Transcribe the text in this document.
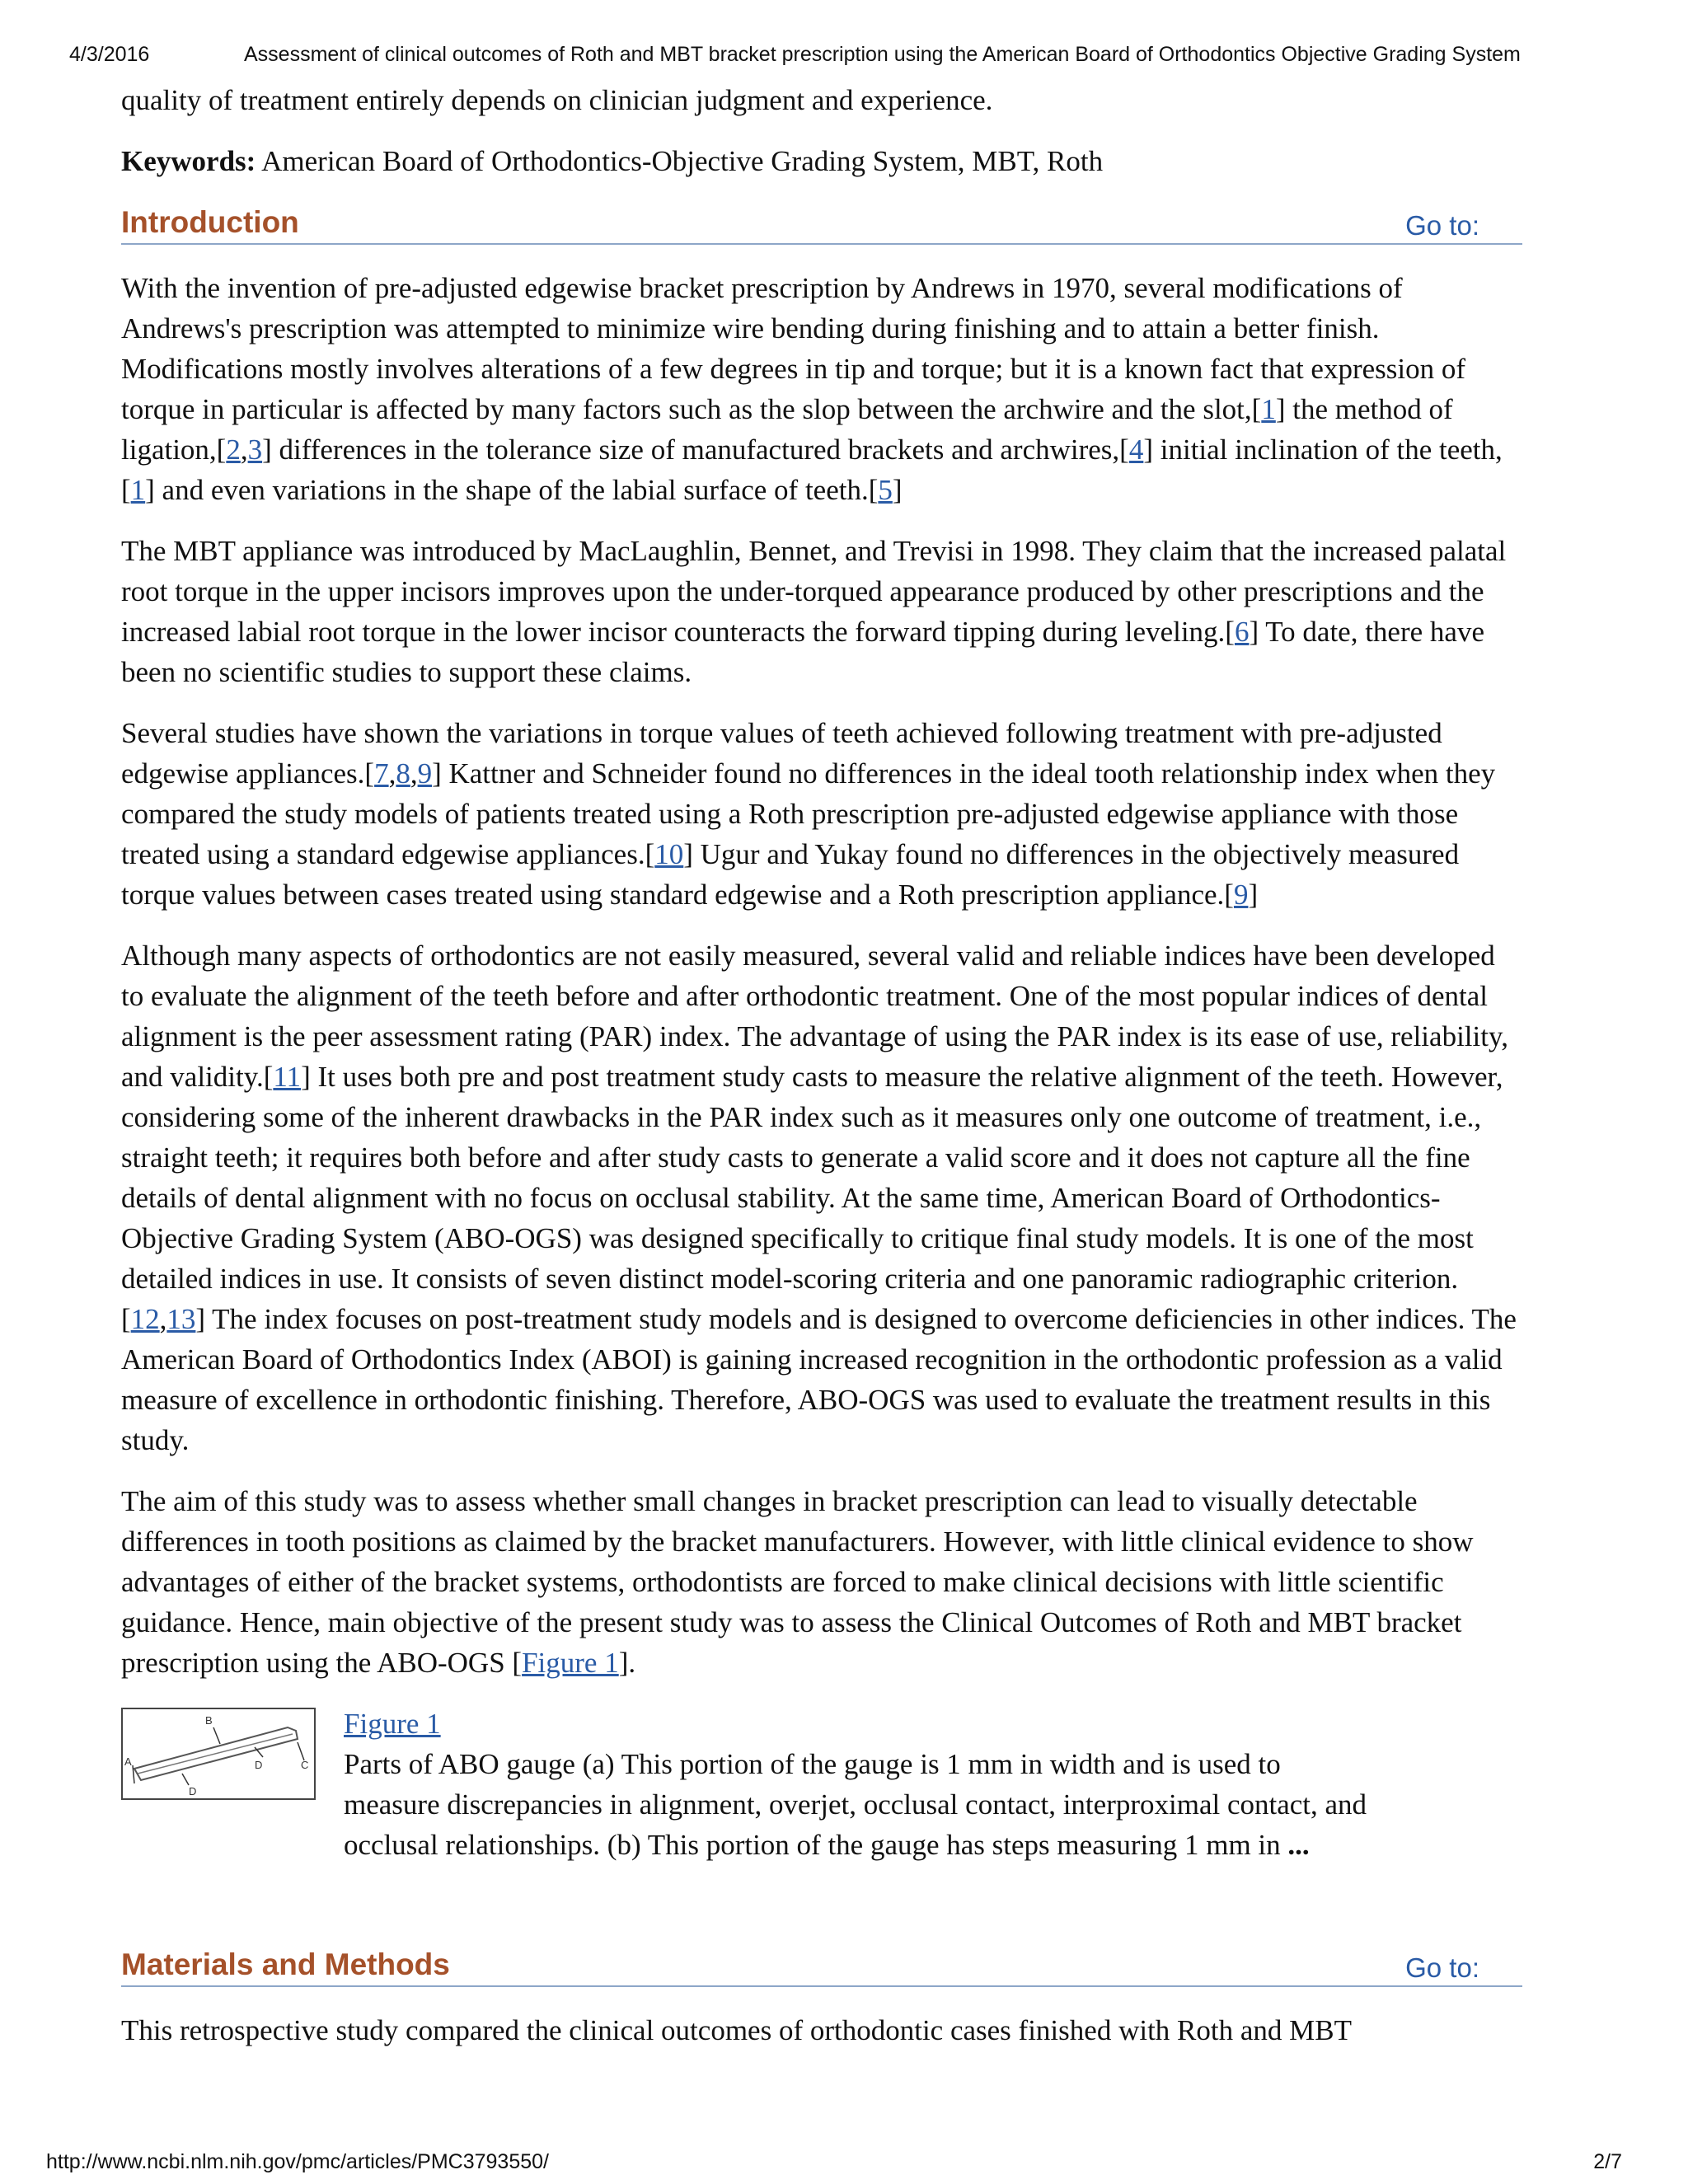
4/3/2016	Assessment of clinical outcomes of Roth and MBT bracket prescription using the American Board of Orthodontics Objective Grading System

quality of treatment entirely depends on clinician judgment and experience.

Keywords: American Board of Orthodontics-Objective Grading System, MBT, Roth

Introduction	Go to:

With the invention of pre-adjusted edgewise bracket prescription by Andrews in 1970, several modifications of Andrews's prescription was attempted to minimize wire bending during finishing and to attain a better finish. Modifications mostly involves alterations of a few degrees in tip and torque; but it is a known fact that expression of torque in particular is affected by many factors such as the slop between the archwire and the slot,[1] the method of ligation,[2,3] differences in the tolerance size of manufactured brackets and archwires,[4] initial inclination of the teeth,[1] and even variations in the shape of the labial surface of teeth.[5]

The MBT appliance was introduced by MacLaughlin, Bennet, and Trevisi in 1998. They claim that the increased palatal root torque in the upper incisors improves upon the under-torqued appearance produced by other prescriptions and the increased labial root torque in the lower incisor counteracts the forward tipping during leveling.[6] To date, there have been no scientific studies to support these claims.

Several studies have shown the variations in torque values of teeth achieved following treatment with pre-adjusted edgewise appliances.[7,8,9] Kattner and Schneider found no differences in the ideal tooth relationship index when they compared the study models of patients treated using a Roth prescription pre-adjusted edgewise appliance with those treated using a standard edgewise appliances.[10] Ugur and Yukay found no differences in the objectively measured torque values between cases treated using standard edgewise and a Roth prescription appliance.[9]

Although many aspects of orthodontics are not easily measured, several valid and reliable indices have been developed to evaluate the alignment of the teeth before and after orthodontic treatment. One of the most popular indices of dental alignment is the peer assessment rating (PAR) index. The advantage of using the PAR index is its ease of use, reliability, and validity.[11] It uses both pre and post treatment study casts to measure the relative alignment of the teeth. However, considering some of the inherent drawbacks in the PAR index such as it measures only one outcome of treatment, i.e., straight teeth; it requires both before and after study casts to generate a valid score and it does not capture all the fine details of dental alignment with no focus on occlusal stability. At the same time, American Board of Orthodontics-Objective Grading System (ABO-OGS) was designed specifically to critique final study models. It is one of the most detailed indices in use. It consists of seven distinct model-scoring criteria and one panoramic radiographic criterion.[12,13] The index focuses on post-treatment study models and is designed to overcome deficiencies in other indices. The American Board of Orthodontics Index (ABOI) is gaining increased recognition in the orthodontic profession as a valid measure of excellence in orthodontic finishing. Therefore, ABO-OGS was used to evaluate the treatment results in this study.

The aim of this study was to assess whether small changes in bracket prescription can lead to visually detectable differences in tooth positions as claimed by the bracket manufacturers. However, with little clinical evidence to show advantages of either of the bracket systems, orthodontists are forced to make clinical decisions with little scientific guidance. Hence, main objective of the present study was to assess the Clinical Outcomes of Roth and MBT bracket prescription using the ABO-OGS [Figure 1].

B
A	C
D
D
Figure 1
Parts of ABO gauge (a) This portion of the gauge is 1 mm in width and is used to measure discrepancies in alignment, overjet, occlusal contact, interproximal contact, and occlusal relationships. (b) This portion of the gauge has steps measuring 1 mm in ...
Materials and Methods	Go to:

This retrospective study compared the clinical outcomes of orthodontic cases finished with Roth and MBT

http://www.ncbi.nlm.nih.gov/pmc/articles/PMC3793550/	2/7
